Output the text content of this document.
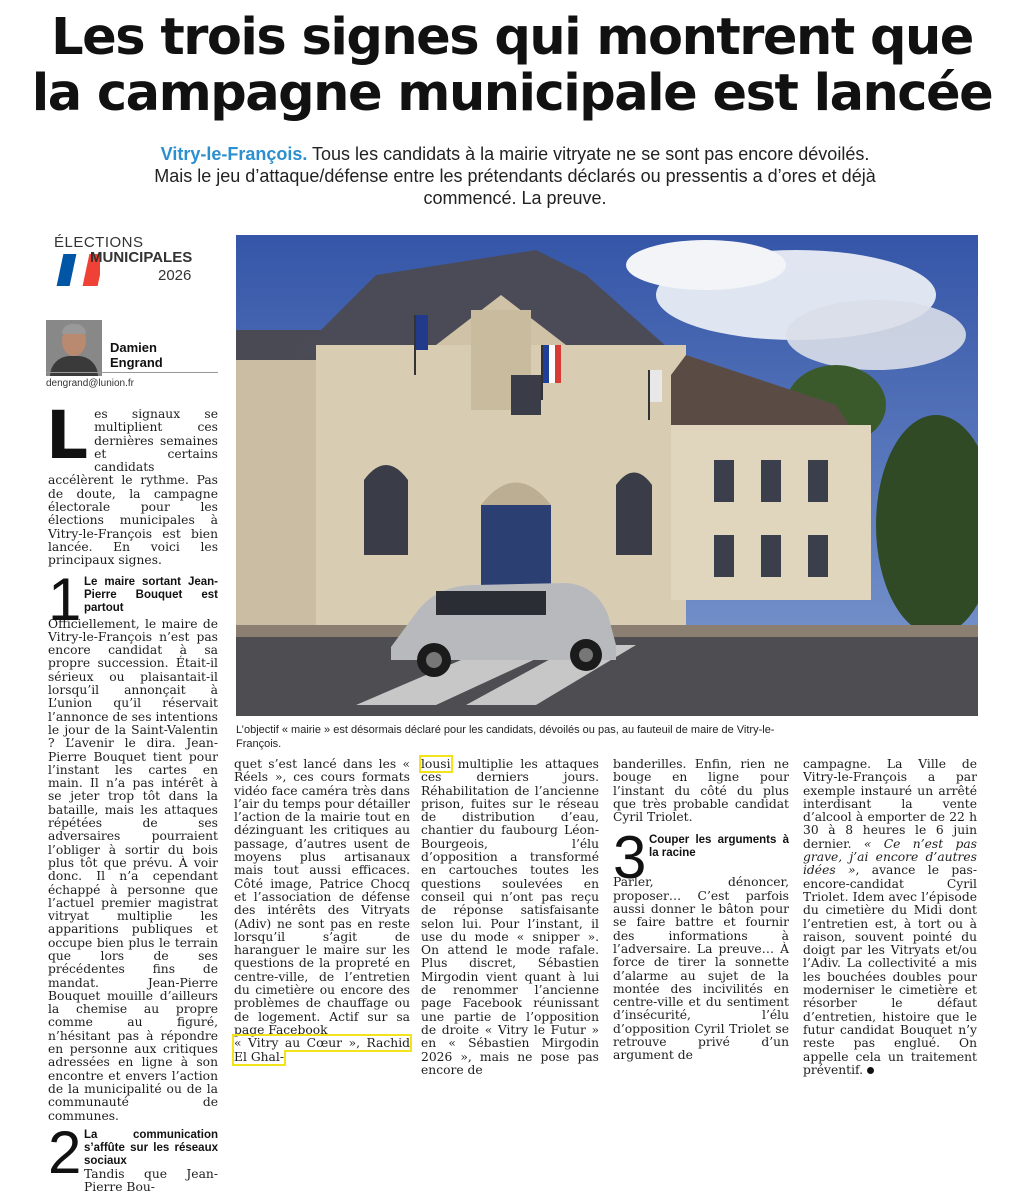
Les trois signes qui montrent que
la campagne municipale est lancée
Vitry-le-François. Tous les candidats à la mairie vitryate ne se sont pas encore dévoilés. Mais le jeu d’attaque/défense entre les prétendants déclarés ou pressentis a d’ores et déjà commencé. La preuve.
ÉLECTIONS
MUNICIPALES
2026
Damien
Engrand
dengrand@lunion.fr
L’objectif « mairie » est désormais déclaré pour les candidats, dévoilés ou pas, au fauteuil de maire de Vitry-le-François.

Les signaux se multiplient ces dernières semaines et certains candidats accélèrent le rythme. Pas de doute, la campagne électorale pour les élections municipales à Vitry-le-François est bien lancée. En voici les principaux signes.

1 Le maire sortant Jean-Pierre Bouquet est partout

Officiellement, le maire de Vitry-le-François n’est pas encore candidat à sa propre succession. Était-il sérieux ou plaisantait-il lorsqu’il annonçait à L’union qu’il réservait l’annonce de ses intentions le jour de la Saint-Valentin ? L’avenir le dira. Jean-Pierre Bouquet tient pour l’instant les cartes en main. Il n’a pas intérêt à se jeter trop tôt dans la bataille, mais les attaques répétées de ses adversaires pourraient l’obliger à sortir du bois plus tôt que prévu. À voir donc. Il n’a cependant échappé à personne que l’actuel premier magistrat vitryat multiplie les apparitions publiques et occupe bien plus le terrain que lors de ses précédentes fins de mandat. Jean-Pierre Bouquet mouille d’ailleurs la chemise au propre comme au figuré, n’hésitant pas à répondre en personne aux critiques adressées en ligne à son encontre et envers l’action de la municipalité ou de la communauté de communes.

2 La communication s’affûte sur les réseaux sociaux
Tandis que Jean-Pierre Bou-

quet s’est lancé dans les « Réels », ces cours formats vidéo face caméra très dans l’air du temps pour détailler l’action de la mairie tout en dézinguant les critiques au passage, d’autres usent de moyens plus artisanaux mais tout aussi efficaces. Côté image, Patrice Chocq et l’association de défense des intérêts des Vitryats (Adiv) ne sont pas en reste lorsqu’il s’agit de haranguer le maire sur les questions de la propreté en centre-ville, de l’entretien du cimetière ou encore des problèmes de chauffage ou de logement. Actif sur sa page Facebook

« Vitry au Cœur », Rachid El Ghal-

lousi multiplie les attaques ces derniers jours. Réhabilitation de l’ancienne prison, fuites sur le réseau de distribution d’eau, chantier du faubourg Léon-Bourgeois, l’élu d’opposition a transformé en cartouches toutes les questions soulevées en conseil qui n’ont pas reçu de réponse satisfaisante selon lui. Pour l’instant, il use du mode « snipper ». On attend le mode rafale. Plus discret, Sébastien Mirgodin vient quant à lui de renommer l’ancienne page Facebook réunissant une partie de l’opposition de droite « Vitry le Futur » en « Sébastien Mirgodin 2026 », mais ne pose pas encore de

banderilles. Enfin, rien ne bouge en ligne pour l’instant du côté du plus que très probable candidat Cyril Triolet.

3 Couper les arguments à la racine

Parler, dénoncer, proposer… C’est parfois aussi donner le bâton pour se faire battre et fournir des informations à l’adversaire. La preuve… À force de tirer la sonnette d’alarme au sujet de la montée des incivilités en centre-ville et du sentiment d’insécurité, l’élu d’opposition Cyril Triolet se retrouve privé d’un argument de

campagne. La Ville de Vitry-le-François a par exemple instauré un arrêté interdisant la vente d’alcool à emporter de 22 h 30 à 8 heures le 6 juin dernier. « Ce n’est pas grave, j’ai encore d’autres idées », avance le pas-encore-candidat Cyril Triolet. Idem avec l’épisode du cimetière du Midi dont l’entretien est, à tort ou à raison, souvent pointé du doigt par les Vitryats et/ou l’Adiv. La collectivité a mis les bouchées doubles pour moderniser le cimetière et résorber le défaut d’entretien, histoire que le futur candidat Bouquet n’y reste pas englué. On appelle cela un traitement préventif.
